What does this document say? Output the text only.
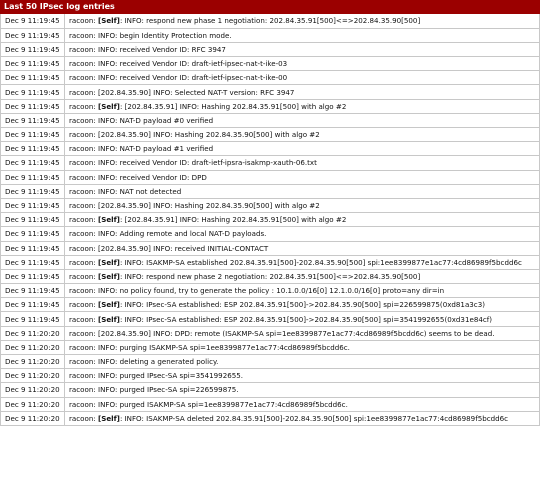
Last 50 IPsec log entries
Dec 9 11:19:45	racoon: [Self]: INFO: respond new phase 1 negotiation: 202.84.35.91[500]<=>202.84.35.90[500]
Dec 9 11:19:45	racoon: INFO: begin Identity Protection mode.
Dec 9 11:19:45	racoon: INFO: received Vendor ID: RFC 3947
Dec 9 11:19:45	racoon: INFO: received Vendor ID: draft-ietf-ipsec-nat-t-ike-03
Dec 9 11:19:45	racoon: INFO: received Vendor ID: draft-ietf-ipsec-nat-t-ike-00
Dec 9 11:19:45	racoon: [202.84.35.90] INFO: Selected NAT-T version: RFC 3947
Dec 9 11:19:45	racoon: [Self]: [202.84.35.91] INFO: Hashing 202.84.35.91[500] with algo #2
Dec 9 11:19:45	racoon: INFO: NAT-D payload #0 verified
Dec 9 11:19:45	racoon: [202.84.35.90] INFO: Hashing 202.84.35.90[500] with algo #2
Dec 9 11:19:45	racoon: INFO: NAT-D payload #1 verified
Dec 9 11:19:45	racoon: INFO: received Vendor ID: draft-ietf-ipsra-isakmp-xauth-06.txt
Dec 9 11:19:45	racoon: INFO: received Vendor ID: DPD
Dec 9 11:19:45	racoon: INFO: NAT not detected
Dec 9 11:19:45	racoon: [202.84.35.90] INFO: Hashing 202.84.35.90[500] with algo #2
Dec 9 11:19:45	racoon: [Self]: [202.84.35.91] INFO: Hashing 202.84.35.91[500] with algo #2
Dec 9 11:19:45	racoon: INFO: Adding remote and local NAT-D payloads.
Dec 9 11:19:45	racoon: [202.84.35.90] INFO: received INITIAL-CONTACT
Dec 9 11:19:45	racoon: [Self]: INFO: ISAKMP-SA established 202.84.35.91[500]-202.84.35.90[500] spi:1ee8399877e1ac77:4cd86989f5bcdd6c
Dec 9 11:19:45	racoon: [Self]: INFO: respond new phase 2 negotiation: 202.84.35.91[500]<=>202.84.35.90[500]
Dec 9 11:19:45	racoon: INFO: no policy found, try to generate the policy : 10.1.0.0/16[0] 12.1.0.0/16[0] proto=any dir=in
Dec 9 11:19:45	racoon: [Self]: INFO: IPsec-SA established: ESP 202.84.35.91[500]->202.84.35.90[500] spi=226599875(0xd81a3c3)
Dec 9 11:19:45	racoon: [Self]: INFO: IPsec-SA established: ESP 202.84.35.91[500]->202.84.35.90[500] spi=3541992655(0xd31e84cf)
Dec 9 11:20:20	racoon: [202.84.35.90] INFO: DPD: remote (ISAKMP-SA spi=1ee8399877e1ac77:4cd86989f5bcdd6c) seems to be dead.
Dec 9 11:20:20	racoon: INFO: purging ISAKMP-SA spi=1ee8399877e1ac77:4cd86989f5bcdd6c.
Dec 9 11:20:20	racoon: INFO: deleting a generated policy.
Dec 9 11:20:20	racoon: INFO: purged IPsec-SA spi=3541992655.
Dec 9 11:20:20	racoon: INFO: purged IPsec-SA spi=226599875.
Dec 9 11:20:20	racoon: INFO: purged ISAKMP-SA spi=1ee8399877e1ac77:4cd86989f5bcdd6c.
Dec 9 11:20:20	racoon: [Self]: INFO: ISAKMP-SA deleted 202.84.35.91[500]-202.84.35.90[500] spi:1ee8399877e1ac77:4cd86989f5bcdd6c
